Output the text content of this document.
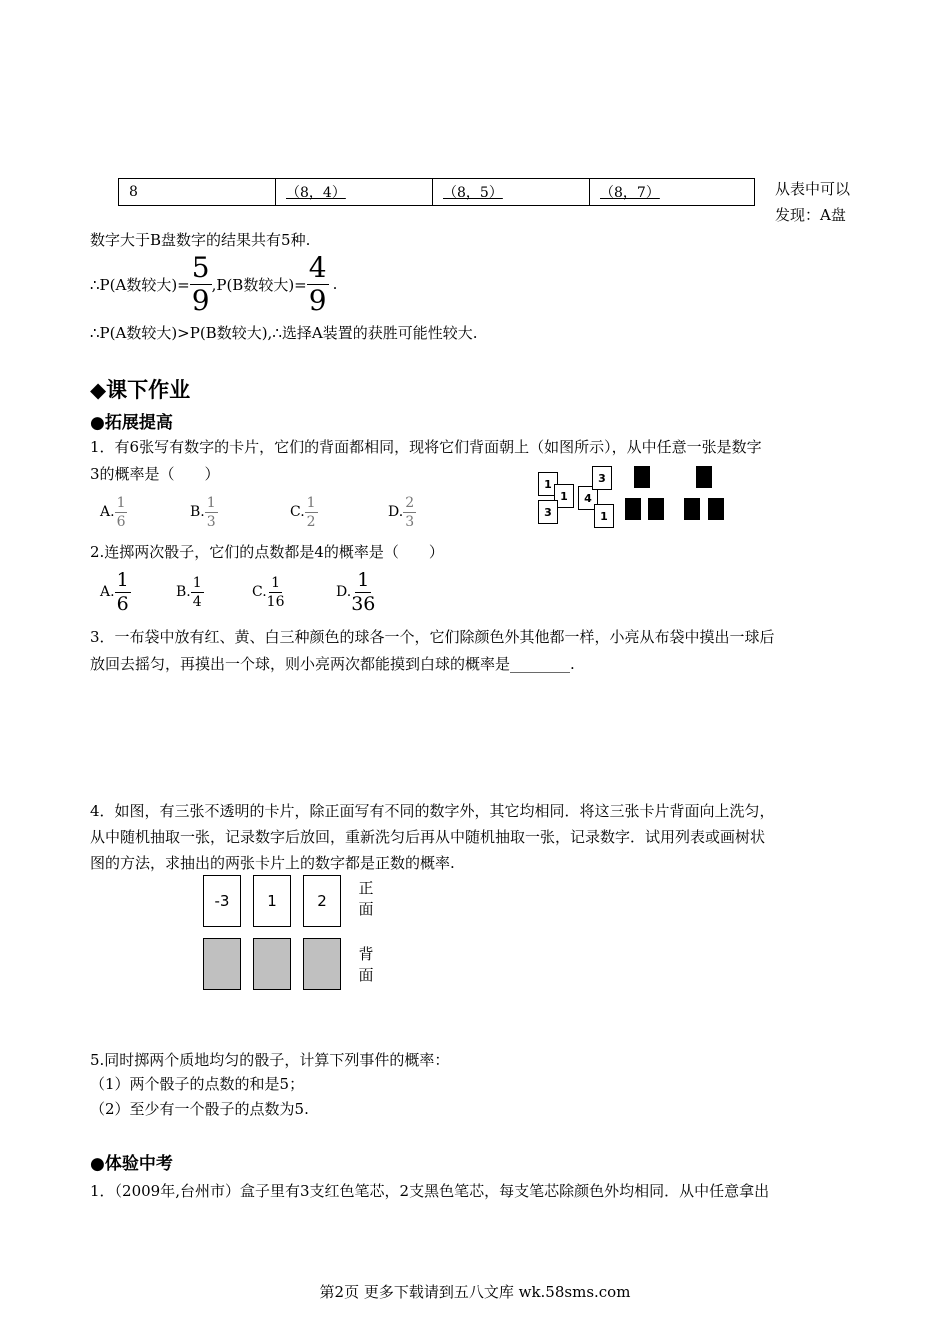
8	（8，4）	（8，5）	（8，7）	从表中可以
发现：A盘
数字大于B盘数字的结果共有5种.
∴P(A数较大)= $\frac{5}{9} ,P(B$数较大)= $\frac{4}{9}$ .
∴P(A数较大)>P(B数较大),∴选择A装置的获胜可能性较大.
◆课下作业
●拓展提高
1．有6张写有数字的卡片，它们的背面都相同，现将它们背面朝上（如图所示），从中任意一张是数字
3的概率是（　　）
A. $\frac{1}{6}$	B. $\frac{1}{3}$	C. $\frac{1}{2}$	D. $\frac{2}{3}$
1
1
3
4
3
1
2.连掷两次骰子，它们的点数都是4的概率是（　　）
A. $\frac{1}{6}$	B. $\frac{1}{4}$	C. $\frac{1}{16}$	D. $\frac{1}{36}$
3．一布袋中放有红、黄、白三种颜色的球各一个，它们除颜色外其他都一样，小亮从布袋中摸出一球后
放回去摇匀，再摸出一个球，则小亮两次都能摸到白球的概率是________.
4．如图，有三张不透明的卡片，除正面写有不同的数字外，其它均相同．将这三张卡片背面向上洗匀，
从中随机抽取一张，记录数字后放回，重新洗匀后再从中随机抽取一张，记录数字．试用列表或画树状
图的方法，求抽出的两张卡片上的数字都是正数的概率.
-3	1	2
正
面
背
面
5.同时掷两个质地均匀的骰子，计算下列事件的概率：
（1）两个骰子的点数的和是5；
（2）至少有一个骰子的点数为5.
●体验中考
1．（2009年,台州市）盒子里有3支红色笔芯，2支黑色笔芯，每支笔芯除颜色外均相同．从中任意拿出
第2页 更多下载请到五八文库 wk.58sms.com
